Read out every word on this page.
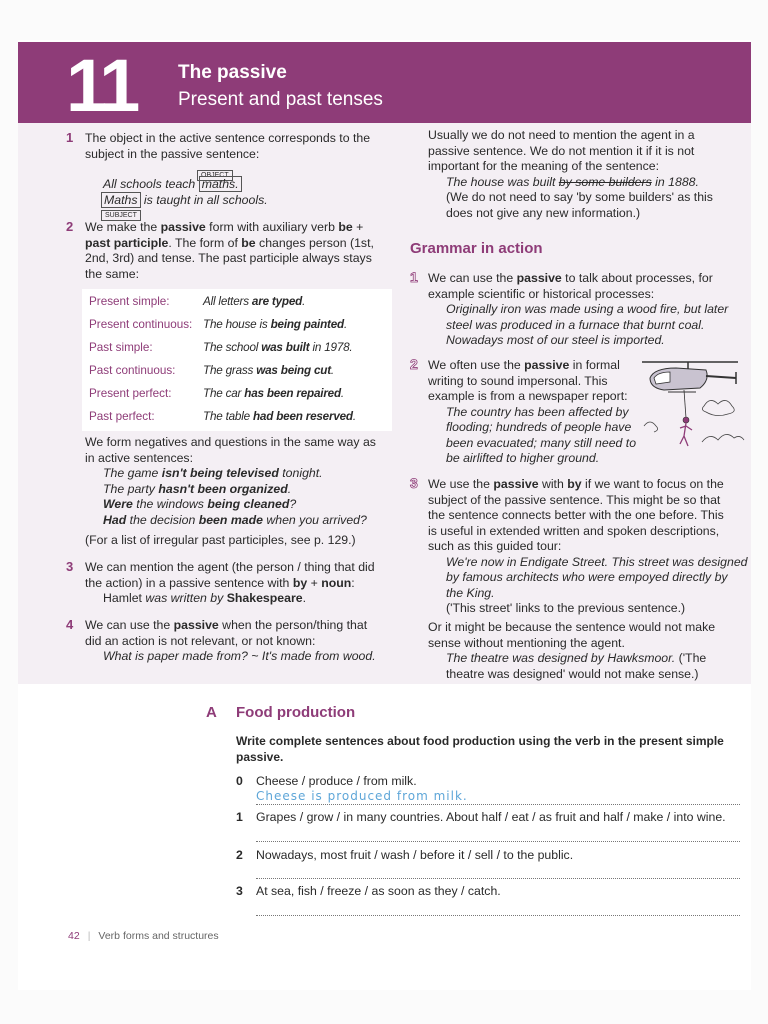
11 The passive
Present and past tenses
1 The object in the active sentence corresponds to the subject in the passive sentence:
OBJECT
All schools teach maths.
Maths is taught in all schools.
SUBJECT
2 We make the passive form with auxiliary verb be +
past participle. The form of be changes person (1st,
2nd, 3rd) and tense. The past participle always stays
the same:
Present simple:	All letters are typed.
Present continuous: The house is being painted.
Past simple:	The school was built in 1978.
Past continuous: The grass was being cut.
Present perfect:	The car has been repaired.
Past perfect:	The table had been reserved.
We form negatives and questions in the same way as
in active sentences:
The game isn't being televised tonight.
The party hasn't been organized.
Were the windows being cleaned?
Had the decision been made when you arrived?
(For a list of irregular past participles, see p. 129.)
3 We can mention the agent (the person / thing that did
the action) in a passive sentence with by + noun:
Hamlet was written by Shakespeare.
4 We can use the passive when the person/thing that
did an action is not relevant, or not known:
What is paper made from? ~ It's made from wood.
Usually we do not need to mention the agent in a
passive sentence. We do not mention it if it is not
important for the meaning of the sentence:
The house was built by some builders in 1888.
(We do not need to say 'by some builders' as this
does not give any new information.)
Grammar in action
1 We can use the passive to talk about processes, for
example scientific or historical processes:
Originally iron was made using a wood fire, but later
steel was produced in a furnace that burnt coal.
Nowadays most of our steel is imported.
2 We often use the passive in formal
writing to sound impersonal. This
example is from a newspaper report:
The country has been affected by
flooding; hundreds of people have
been evacuated; many still need to
be airlifted to higher ground.
3 We use the passive with by if we want to focus on the
subject of the passive sentence. This might be so that
the sentence connects better with the one before. This
is useful in extended written and spoken descriptions,
such as this guided tour:
We're now in Endigate Street. This street was designed
by famous architects who were empoyed directly by
the King.
('This street' links to the previous sentence.)
Or it might be because the sentence would not make
sense without mentioning the agent.
The theatre was designed by Hawksmoor. ('The
theatre was designed' would not make sense.)
A Food production
Write complete sentences about food production using the verb in the present simple
passive.
0 Cheese / produce / from milk.
Cheese is produced from milk.
1 Grapes / grow / in many countries. About half / eat / as fruit and half / make / into wine.
2 Nowadays, most fruit / wash / before it / sell / to the public.
3 At sea, fish / freeze / as soon as they / catch.
42 | Verb forms and structures
